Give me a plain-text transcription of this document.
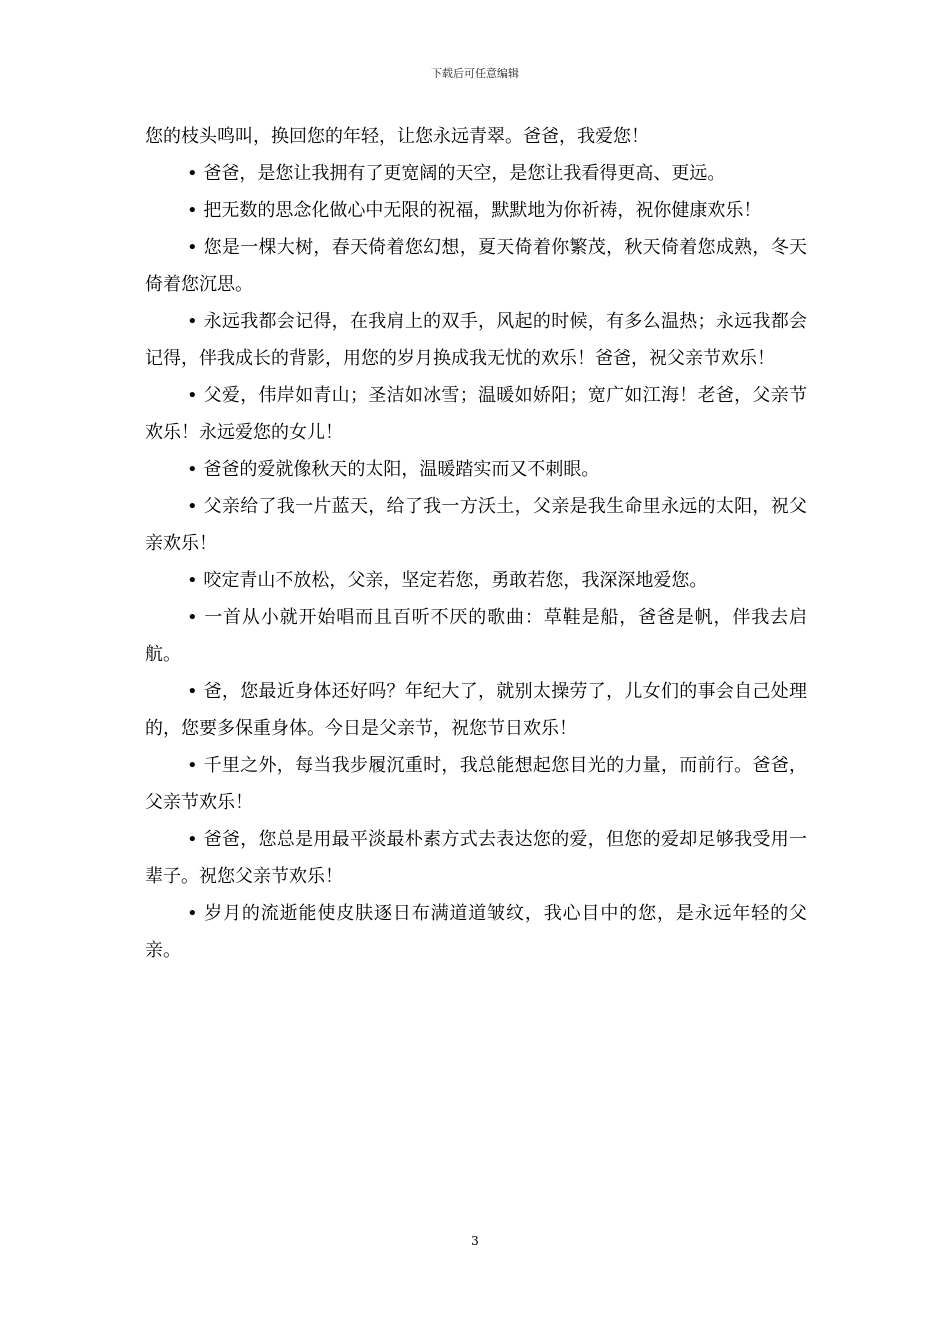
下载后可任意编辑

您的枝头鸣叫，换回您的年轻，让您永远青翠。爸爸，我爱您！

• 爸爸，是您让我拥有了更宽阔的天空，是您让我看得更高、更远。

• 把无数的思念化做心中无限的祝福，默默地为你祈祷，祝你健康欢乐！

• 您是一棵大树，春天倚着您幻想，夏天倚着你繁茂，秋天倚着您成熟，冬天倚着您沉思。

• 永远我都会记得，在我肩上的双手，风起的时候，有多么温热；永远我都会记得，伴我成长的背影，用您的岁月换成我无忧的欢乐！爸爸，祝父亲节欢乐！

• 父爱，伟岸如青山；圣洁如冰雪；温暖如娇阳；宽广如江海！老爸，父亲节欢乐！永远爱您的女儿！

• 爸爸的爱就像秋天的太阳，温暖踏实而又不刺眼。

• 父亲给了我一片蓝天，给了我一方沃土，父亲是我生命里永远的太阳，祝父亲欢乐！

• 咬定青山不放松，父亲，坚定若您，勇敢若您，我深深地爱您。

• 一首从小就开始唱而且百听不厌的歌曲：草鞋是船，爸爸是帆，伴我去启航。

• 爸，您最近身体还好吗？年纪大了，就别太操劳了，儿女们的事会自己处理的，您要多保重身体。今日是父亲节，祝您节日欢乐！

• 千里之外，每当我步履沉重时，我总能想起您目光的力量，而前行。爸爸，父亲节欢乐！

• 爸爸，您总是用最平淡最朴素方式去表达您的爱，但您的爱却足够我受用一辈子。祝您父亲节欢乐！

• 岁月的流逝能使皮肤逐日布满道道皱纹，我心目中的您，是永远年轻的父亲。

3
